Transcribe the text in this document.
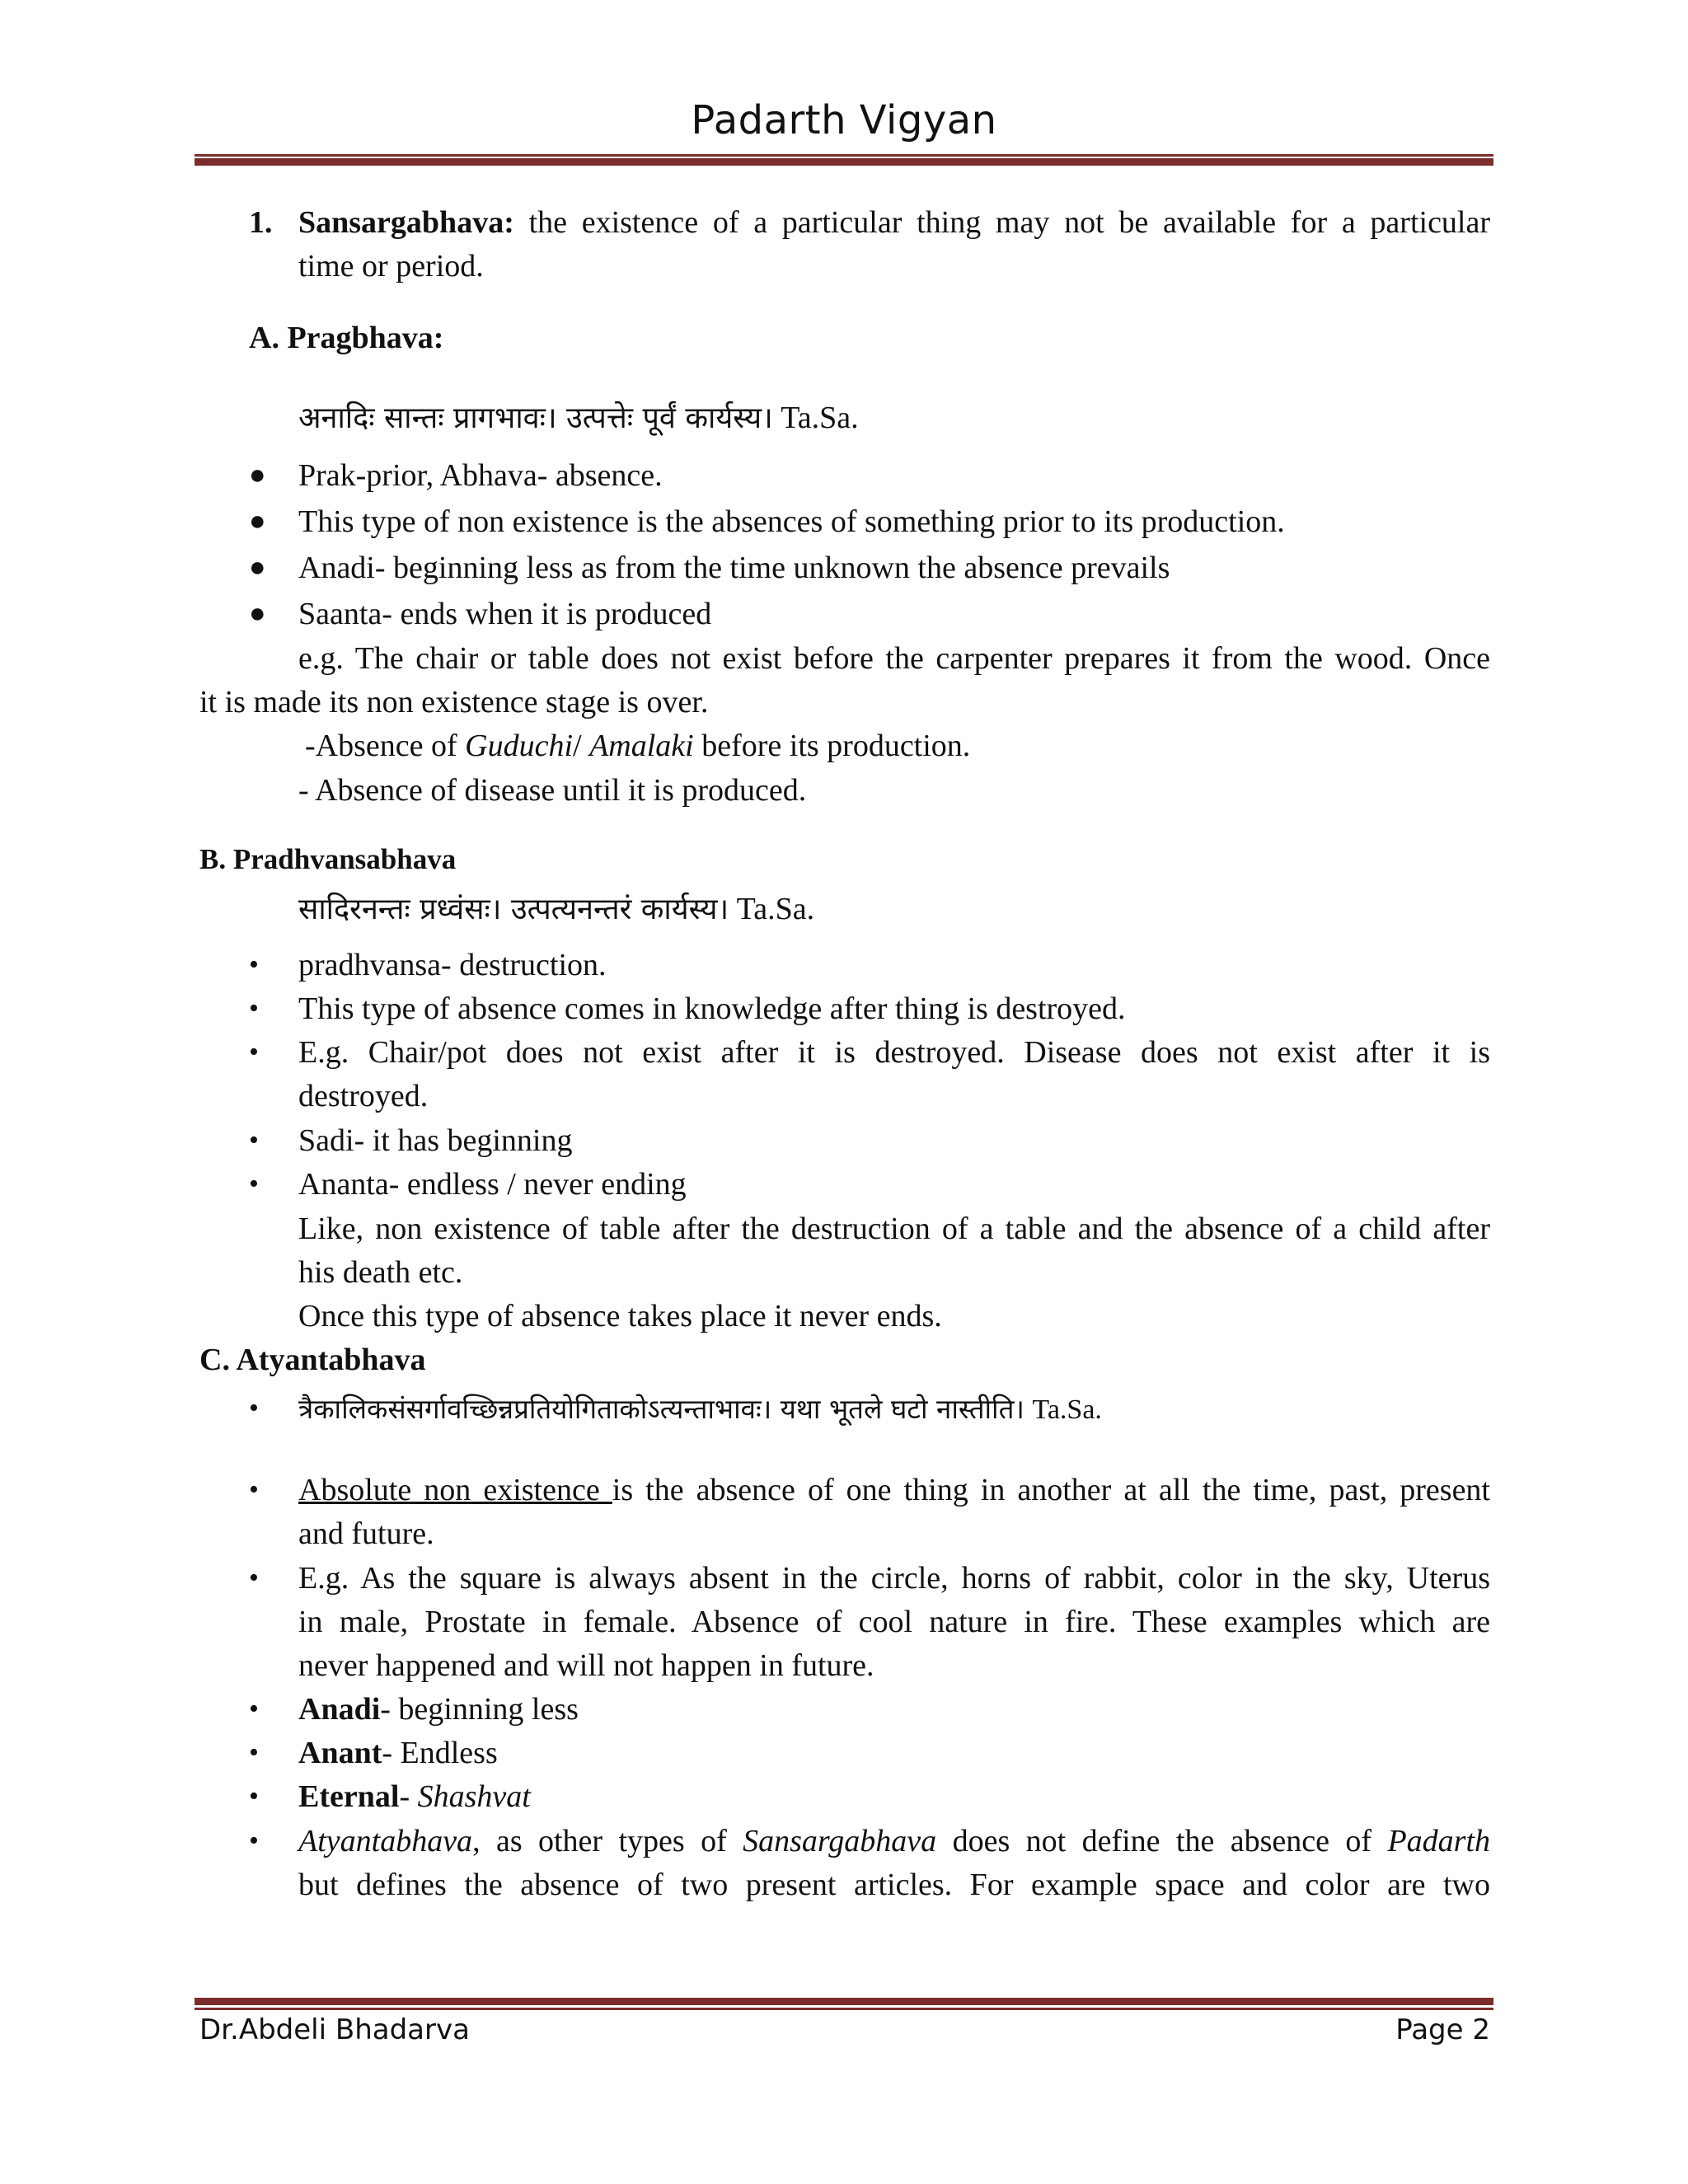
Padarth Vigyan
1. Sansargabhava: the existence of a particular thing may not be available for a particular
time or period.
A. Pragbhava:
अनादिः सान्तः प्रागभावः। उत्पत्तेः पूर्वं कार्यस्य। Ta.Sa.
● Prak-prior, Abhava- absence.
● This type of non existence is the absences of something prior to its production.
● Anadi- beginning less as from the time unknown the absence prevails
● Saanta- ends when it is produced
e.g. The chair or table does not exist before the carpenter prepares it from the wood. Once
it is made its non existence stage is over.
-Absence of Guduchi/ Amalaki before its production.
- Absence of disease until it is produced.
B. Pradhvansabhava
सादिरनन्तः प्रध्वंसः। उत्पत्यनन्तरं कार्यस्य। Ta.Sa.
• pradhvansa- destruction.
• This type of absence comes in knowledge after thing is destroyed.
• E.g. Chair/pot does not exist after it is destroyed. Disease does not exist after it is
destroyed.
• Sadi- it has beginning
• Ananta- endless / never ending
Like, non existence of table after the destruction of a table and the absence of a child after
his death etc.
Once this type of absence takes place it never ends.
C. Atyantabhava
• त्रैकालिकसंसर्गावच्छिन्नप्रतियोगिताकोऽत्यन्ताभावः। यथा भूतले घटो नास्तीति। Ta.Sa.
• Absolute non existence is the absence of one thing in another at all the time, past, present
and future.
• E.g. As the square is always absent in the circle, horns of rabbit, color in the sky, Uterus
in male, Prostate in female. Absence of cool nature in fire. These examples which are
never happened and will not happen in future.
• Anadi- beginning less
• Anant- Endless
• Eternal- Shashvat
• Atyantabhava, as other types of Sansargabhava does not define the absence of Padarth
but defines the absence of two present articles. For example space and color are two
Dr.Abdeli Bhadarva	Page 2
